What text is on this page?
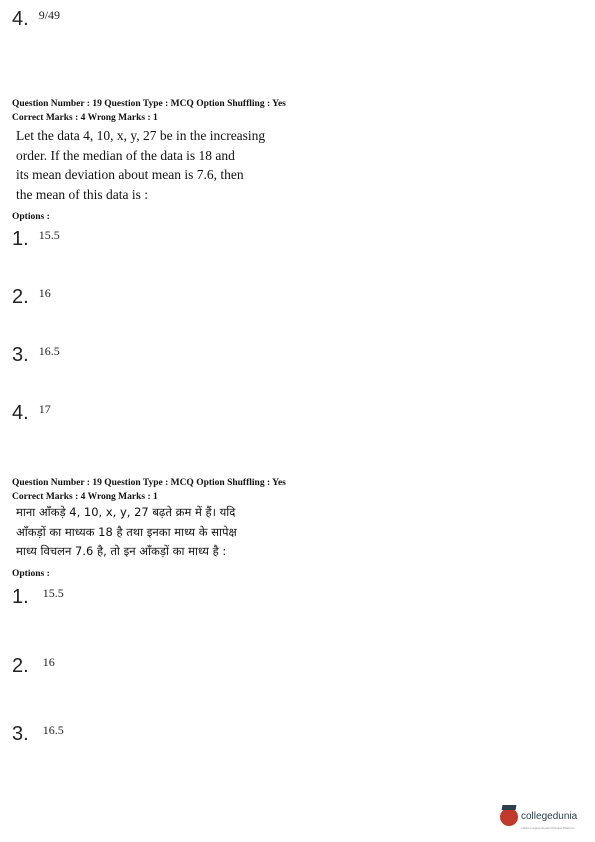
4. $^{9/49}$
Question Number : 19 Question Type : MCQ Option Shuffling : Yes
Correct Marks : 4 Wrong Marks : 1
Let the data 4, 10, x, y, 27 be in the increasing
order. If the median of the data is 18 and
its mean deviation about mean is 7.6, then
the mean of this data is :
Options :
1. $^{15.5}$
2. $^{16}$
3. $^{16.5}$
4. $^{17}$
Question Number : 19 Question Type : MCQ Option Shuffling : Yes
Correct Marks : 4 Wrong Marks : 1
माना आँकड़े 4, 10, x, y, 27 बढ़ते क्रम में हैं। यदि
आँकड़ों का माध्यक 18 है तथा इनका माध्य के सापेक्ष
माध्य विचलन 7.6 है, तो इन आँकड़ों का माध्य है :
Options :
1. $^{15.5}$
2. $^{16}$
3. $^{16.5}$
collegedunia
India's Largest Student Review Platform
